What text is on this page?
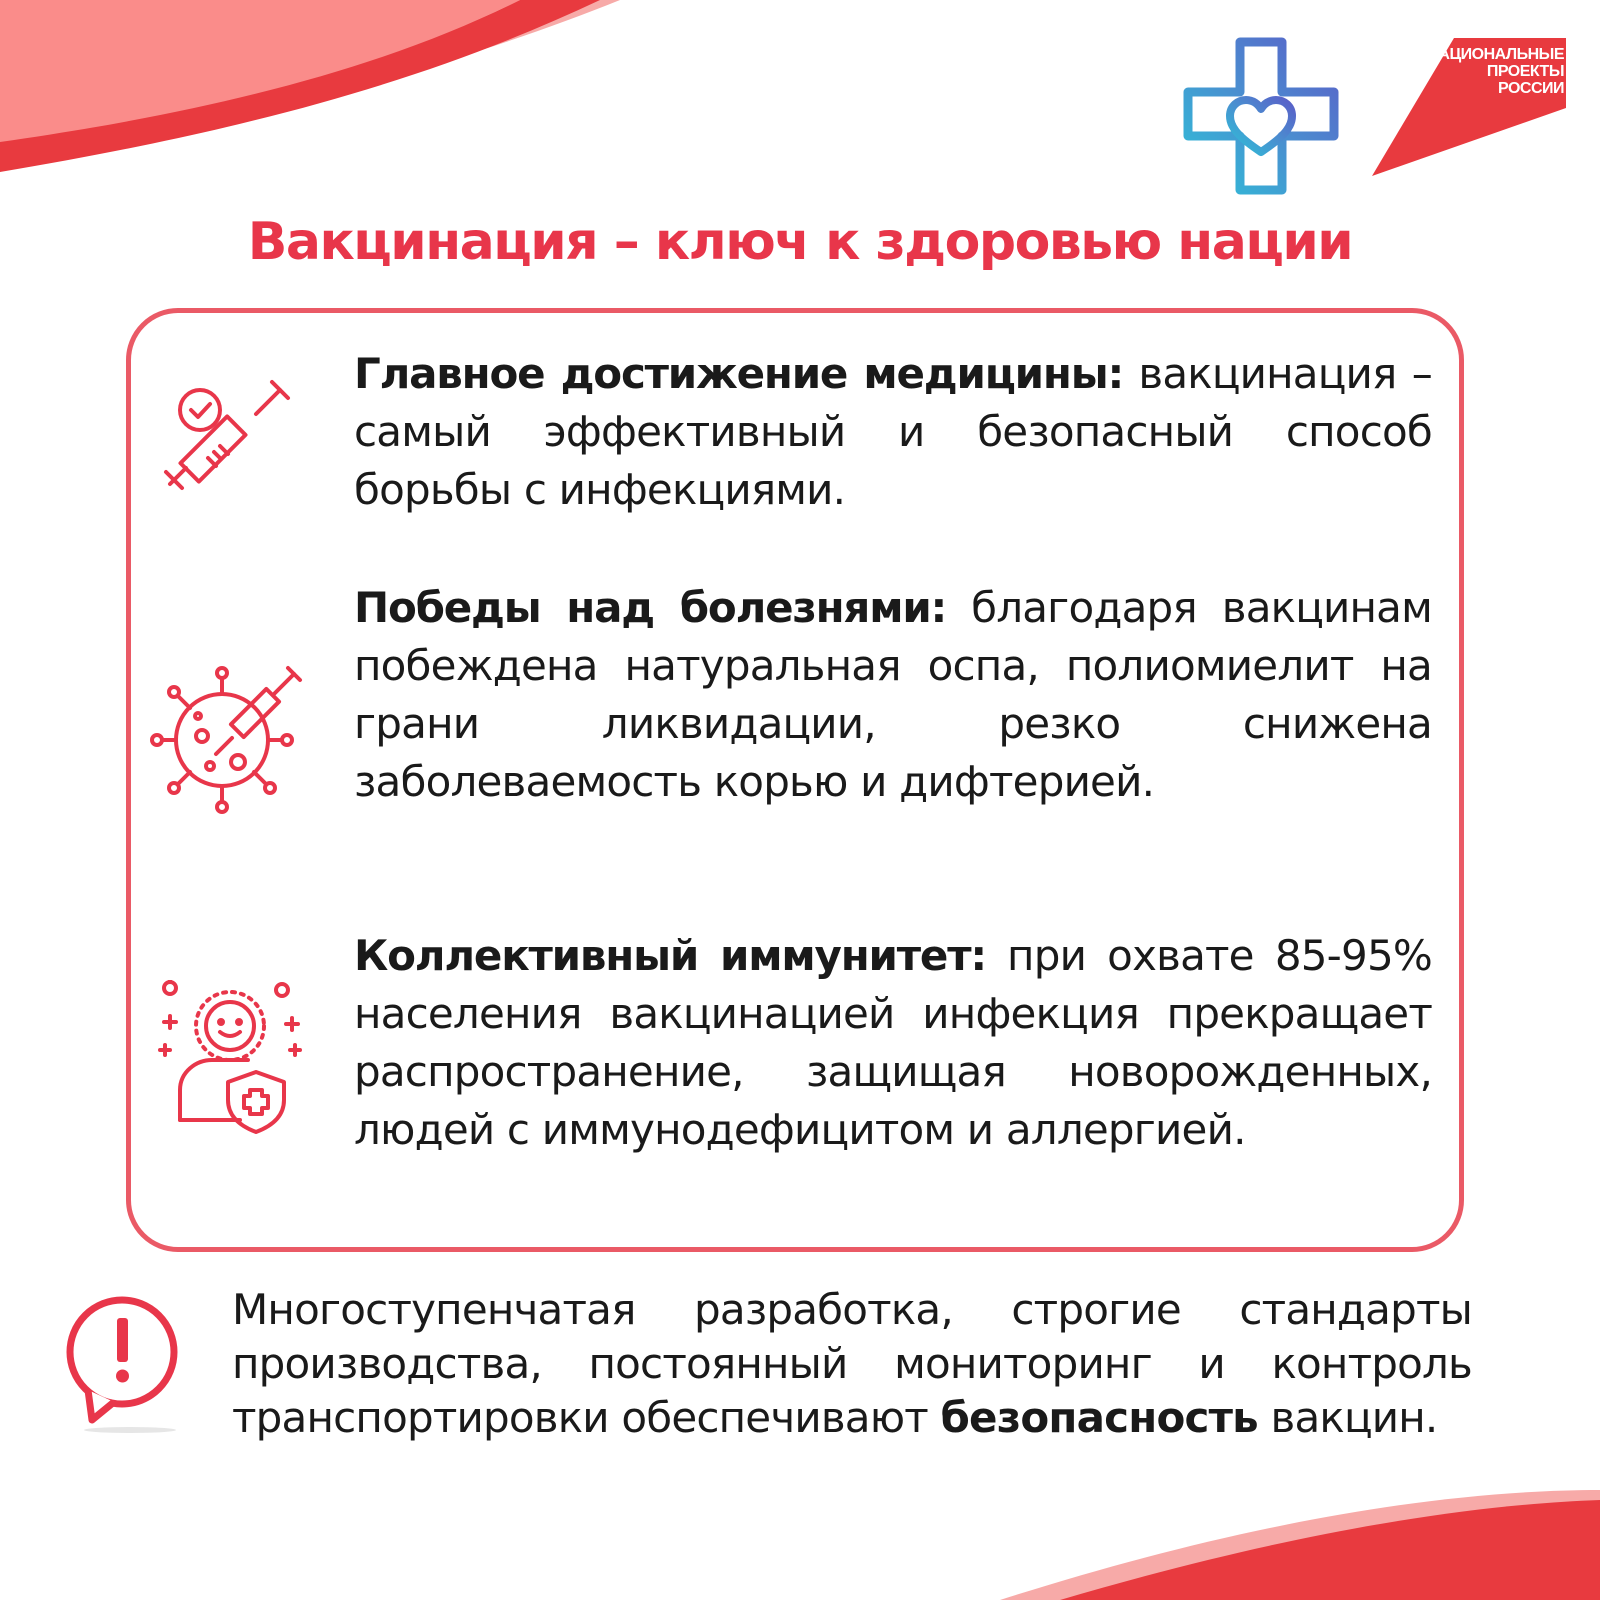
НАЦИОНАЛЬНЫЕ
ПРОЕКТЫ
РОССИИ
Вакцинация – ключ к здоровью нации
Главное достижение медицины: вакцинация – самый эффективный и безопасный способ борьбы с инфекциями.
Победы над болезнями: благодаря вакцинам побеждена натуральная оспа, полиомиелит на грани ликвидации, резко снижена заболеваемость корью и дифтерией.
Коллективный иммунитет: при охвате 85-95% населения вакцинацией инфекция прекращает распространение, защищая новорожденных, людей с иммунодефицитом и аллергией.
Многоступенчатая разработка, строгие стандарты производства, постоянный мониторинг и контроль транспортировки обеспечивают безопасность вакцин.
